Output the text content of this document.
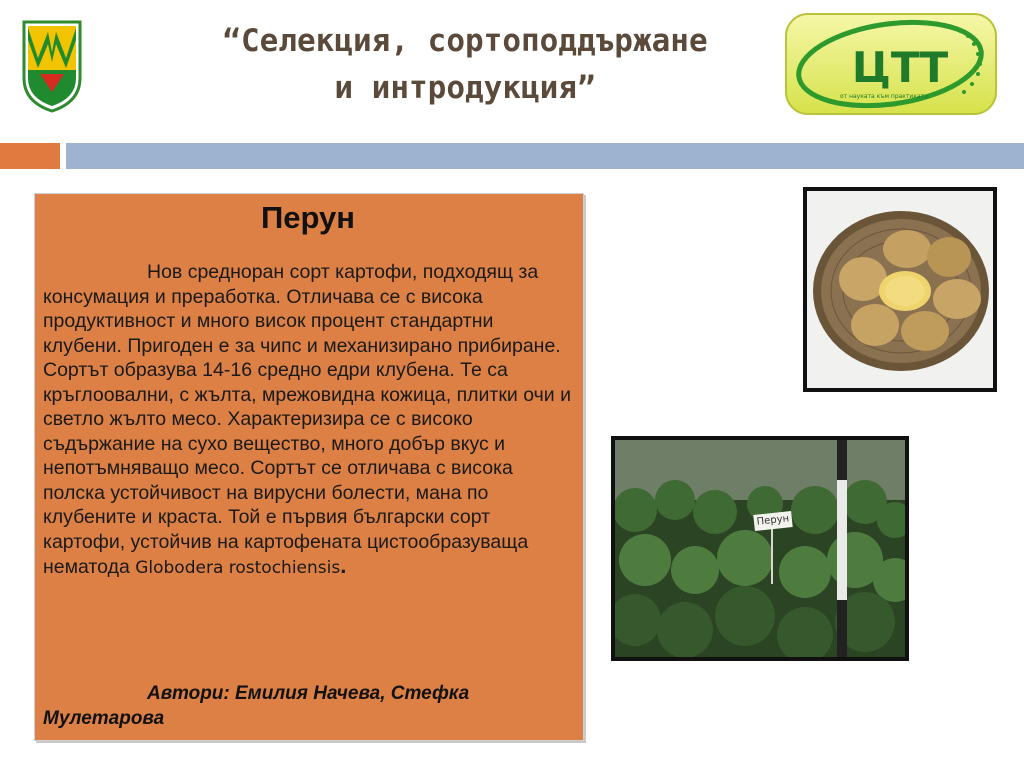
“Селекция, сортоподдържане
и интродукция”	ЦТТ
от науката към практиката
Перун
Нов средноран сорт картофи, подходящ за консумация и преработка. Отличава се с висока продуктивност и много висок процент стандартни клубени. Пригоден е за чипс и механизирано прибиране. Сортът образува 14-16 средно едри клубена. Те са кръглоовални, с жълта, мрежовидна кожица, плитки очи и светло жълто месо. Характеризира се с високо съдържание на сухо вещество, много добър вкус и непотъмняващо месо. Сортът се отличава с висока полска устойчивост на вирусни болести, мана по клубените и краста. Той е първия български сорт картофи, устойчив на картофената цистообразуваща нематода Globodera rostochiensis.
Автори: Емилия Начева, Стефка Мулетарова
Перун
